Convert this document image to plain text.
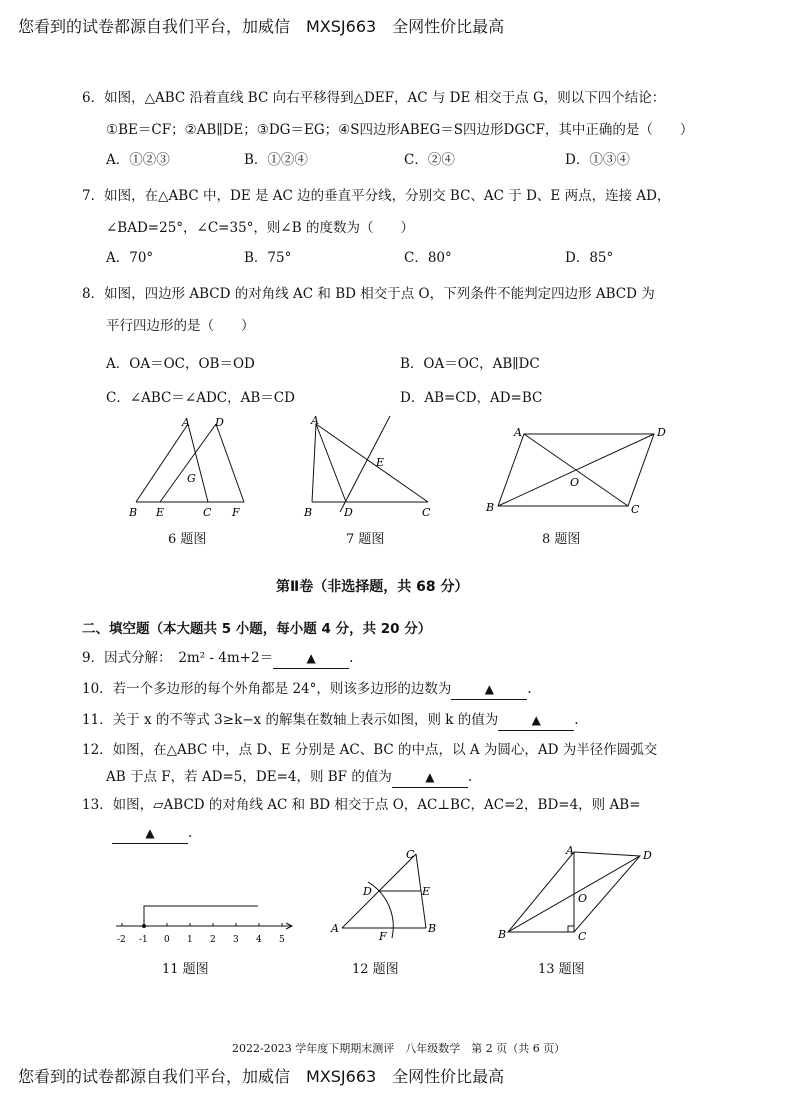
您看到的试卷都源自我们平台，加威信　MXSJ663　全网性价比最高
6．如图，△ABC 沿着直线 BC 向右平移得到△DEF，AC 与 DE 相交于点 G，则以下四个结论：
①BE＝CF；②AB∥DE；③DG＝EG；④S四边形ABEG＝S四边形DGCF，其中正确的是（　　）
A．①②③	B．①②④	C．②④	D．①③④
7．如图，在△ABC 中，DE 是 AC 边的垂直平分线，分别交 BC、AC 于 D、E 两点，连接 AD，
∠BAD=25°，∠C=35°，则∠B 的度数为（　　）
A．70°	B．75°	C．80°	D．85°
8．如图，四边形 ABCD 的对角线 AC 和 BD 相交于点 O，下列条件不能判定四边形 ABCD 为
平行四边形的是（　　）
A．OA＝OC，OB＝OD	B．OA＝OC，AB∥DC
C．∠ABC＝∠ADC，AB＝CD	D．AB=CD，AD=BC
A D
G
B E	C F
6 题图
A
E
B	D	C
7 题图
A	D
O
B	C
8 题图
第Ⅱ卷（非选择题，共 68 分）
二、填空题（本大题共 5 小题，每小题 4 分，共 20 分）
9．因式分解：　2m² - 4m+2＝	▲ .
10．若一个多边形的每个外角都是 24°，则该多边形的边数为	▲ .
11．关于 x 的不等式 3≥k−x 的解集在数轴上表示如图，则 k 的值为	▲ .
12．如图，在△ABC 中，点 D、E 分别是 AC、BC 的中点，以 A 为圆心，AD 为半径作圆弧交
AB 于点 F，若 AD=5，DE=4，则 BF 的值为	▲ .
13．如图，▱ABCD 的对角线 AC 和 BD 相交于点 O，AC⊥BC，AC=2，BD=4，则 AB=
▲ .
-2 -1 0 1 2 3 4 5
11 题图
C
D	E
A
F
B
12 题图
A	D
O
B	C
13 题图
2022-2023 学年度下期期末测评　八年级数学　第 2 页（共 6 页）
您看到的试卷都源自我们平台，加威信　MXSJ663　全网性价比最高
